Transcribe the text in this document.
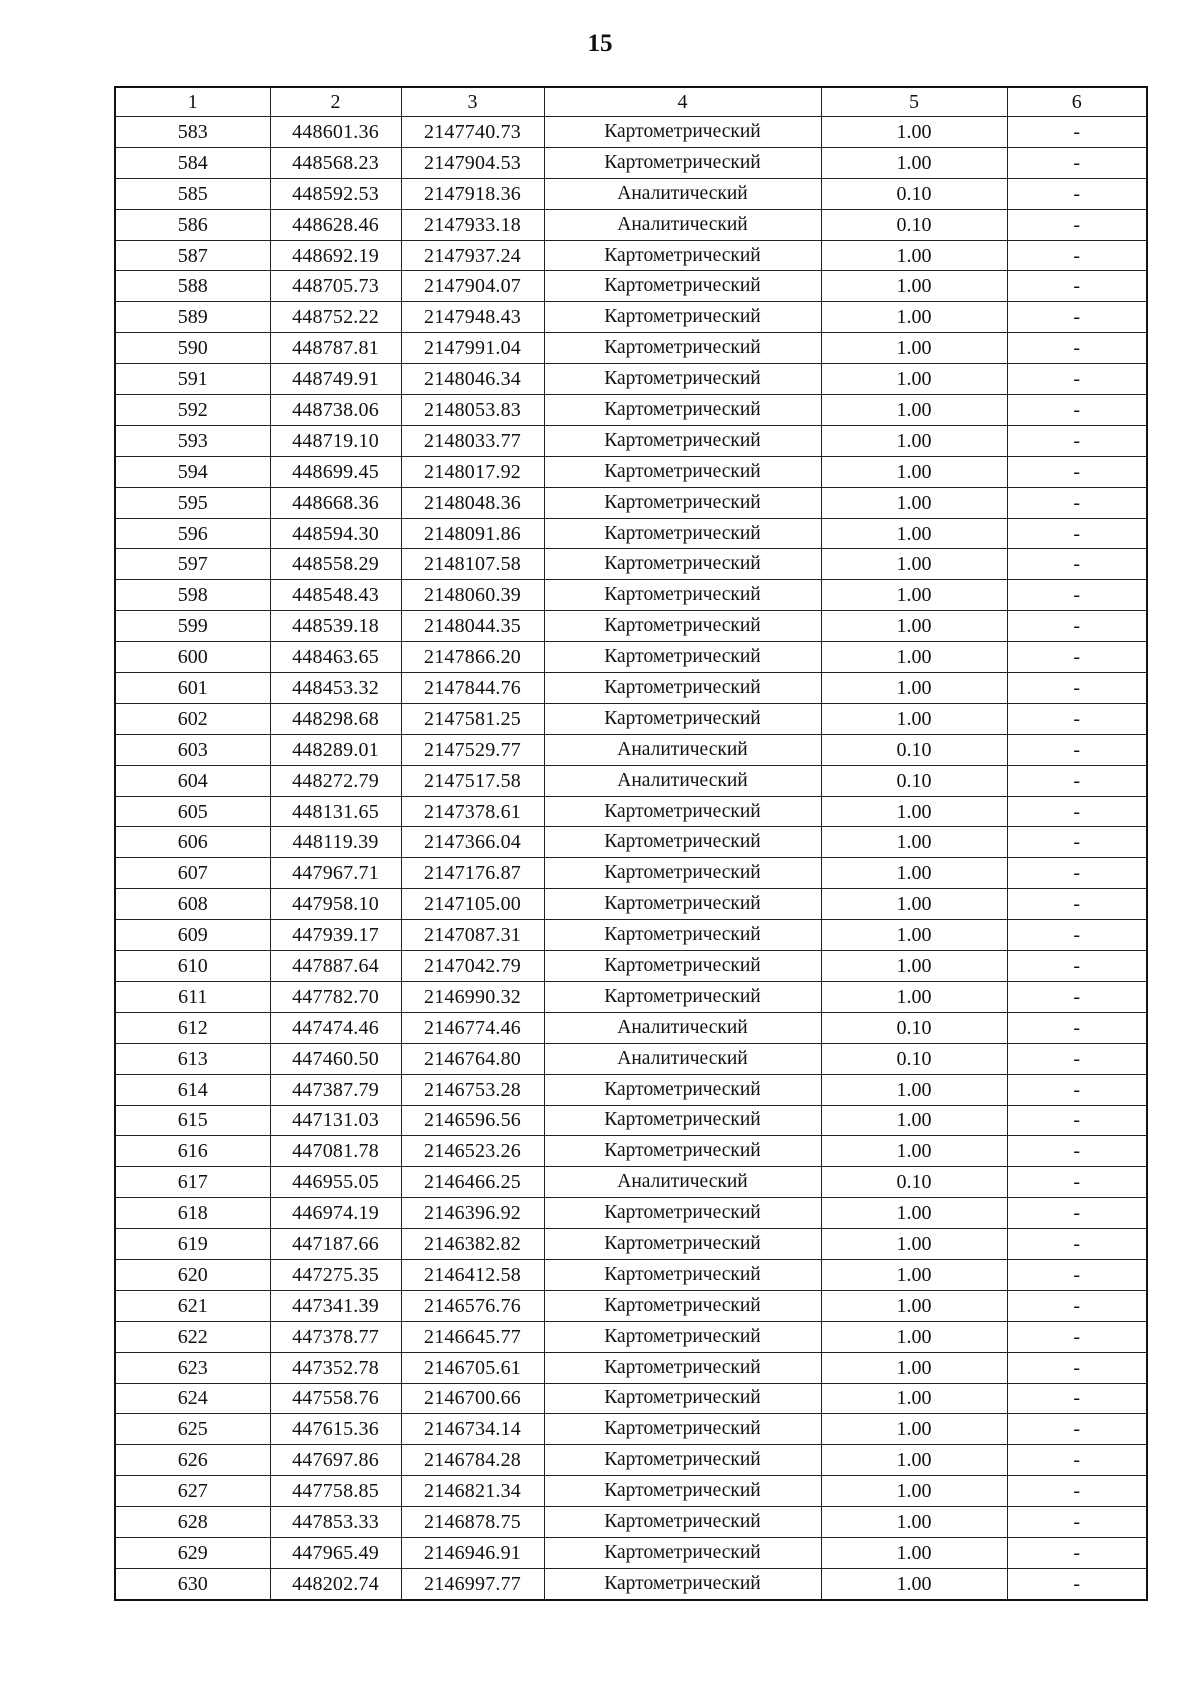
15
1	2	3	4	5	6
583	448601.36	2147740.73	Картометрический	1.00	-
584	448568.23	2147904.53	Картометрический	1.00	-
585	448592.53	2147918.36	Аналитический	0.10	-
586	448628.46	2147933.18	Аналитический	0.10	-
587	448692.19	2147937.24	Картометрический	1.00	-
588	448705.73	2147904.07	Картометрический	1.00	-
589	448752.22	2147948.43	Картометрический	1.00	-
590	448787.81	2147991.04	Картометрический	1.00	-
591	448749.91	2148046.34	Картометрический	1.00	-
592	448738.06	2148053.83	Картометрический	1.00	-
593	448719.10	2148033.77	Картометрический	1.00	-
594	448699.45	2148017.92	Картометрический	1.00	-
595	448668.36	2148048.36	Картометрический	1.00	-
596	448594.30	2148091.86	Картометрический	1.00	-
597	448558.29	2148107.58	Картометрический	1.00	-
598	448548.43	2148060.39	Картометрический	1.00	-
599	448539.18	2148044.35	Картометрический	1.00	-
600	448463.65	2147866.20	Картометрический	1.00	-
601	448453.32	2147844.76	Картометрический	1.00	-
602	448298.68	2147581.25	Картометрический	1.00	-
603	448289.01	2147529.77	Аналитический	0.10	-
604	448272.79	2147517.58	Аналитический	0.10	-
605	448131.65	2147378.61	Картометрический	1.00	-
606	448119.39	2147366.04	Картометрический	1.00	-
607	447967.71	2147176.87	Картометрический	1.00	-
608	447958.10	2147105.00	Картометрический	1.00	-
609	447939.17	2147087.31	Картометрический	1.00	-
610	447887.64	2147042.79	Картометрический	1.00	-
611	447782.70	2146990.32	Картометрический	1.00	-
612	447474.46	2146774.46	Аналитический	0.10	-
613	447460.50	2146764.80	Аналитический	0.10	-
614	447387.79	2146753.28	Картометрический	1.00	-
615	447131.03	2146596.56	Картометрический	1.00	-
616	447081.78	2146523.26	Картометрический	1.00	-
617	446955.05	2146466.25	Аналитический	0.10	-
618	446974.19	2146396.92	Картометрический	1.00	-
619	447187.66	2146382.82	Картометрический	1.00	-
620	447275.35	2146412.58	Картометрический	1.00	-
621	447341.39	2146576.76	Картометрический	1.00	-
622	447378.77	2146645.77	Картометрический	1.00	-
623	447352.78	2146705.61	Картометрический	1.00	-
624	447558.76	2146700.66	Картометрический	1.00	-
625	447615.36	2146734.14	Картометрический	1.00	-
626	447697.86	2146784.28	Картометрический	1.00	-
627	447758.85	2146821.34	Картометрический	1.00	-
628	447853.33	2146878.75	Картометрический	1.00	-
629	447965.49	2146946.91	Картометрический	1.00	-
630	448202.74	2146997.77	Картометрический	1.00	-
